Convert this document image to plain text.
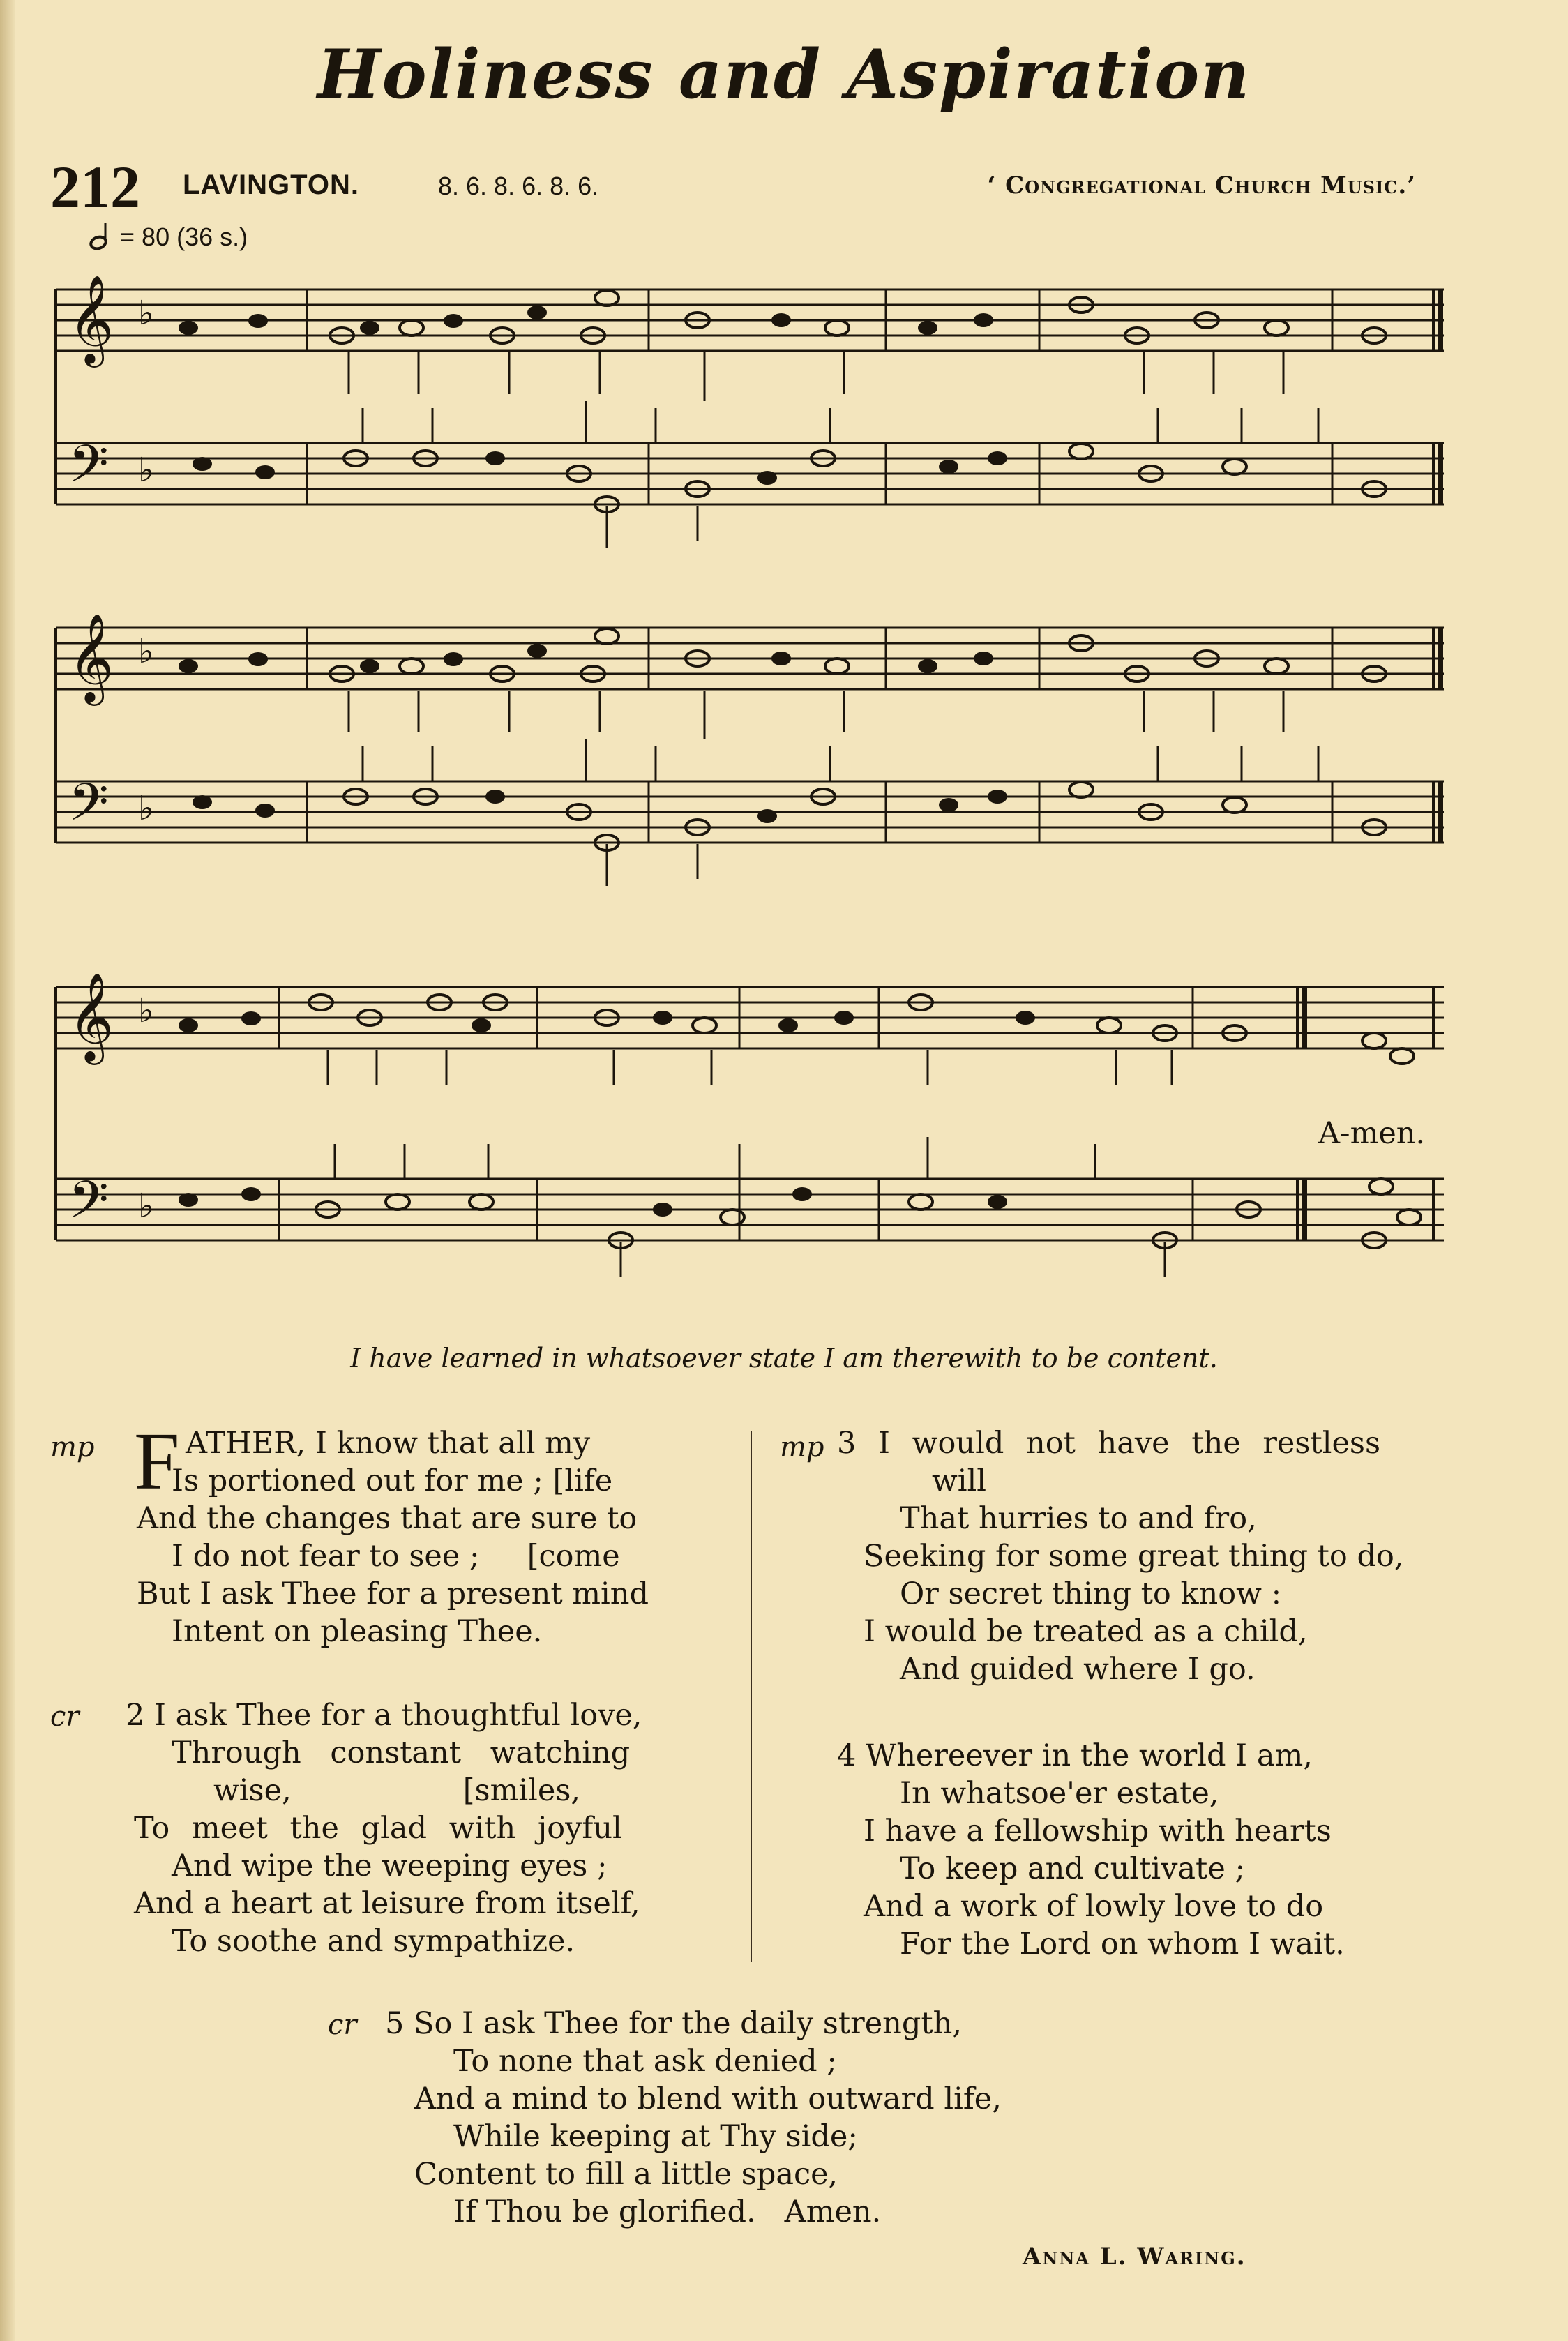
Holiness and Aspiration
212 LAVINGTON.	8. 6. 8. 6. 8. 6.	‘ Congregational Church Music.’
= 80 (36 s.)
𝄞
𝄢
♭
♭
𝄞
𝄢
♭
♭
𝄞
𝄢
♭
♭
A-men.
I have learned in whatsoever state I am therewith to be content.
mp F ATHER, I know that all my
Is portioned out for me ; [life
And the changes that are sure to
I do not fear to see ;     [come
But I ask Thee for a present mind
Intent on pleasing Thee.
cr 2 I ask Thee for a thoughtful love,
Through constant watching
wise,                  [smiles,
To meet the glad with joyful
And wipe the weeping eyes ;
And a heart at leisure from itself,
To soothe and sympathize.
mp 3 I would not have the restless
will
That hurries to and fro,
Seeking for some great thing to do,
Or secret thing to know :
I would be treated as a child,
And guided where I go.
4 Whereever in the world I am,
In whatsoe'er estate,
I have a fellowship with hearts
To keep and cultivate ;
And a work of lowly love to do
For the Lord on whom I wait.
cr 5 So I ask Thee for the daily strength,
To none that ask denied ;
And a mind to blend with outward life,
While keeping at Thy side;
Content to fill a little space,
If Thou be glorified.   Amen.
Anna L. Waring.
